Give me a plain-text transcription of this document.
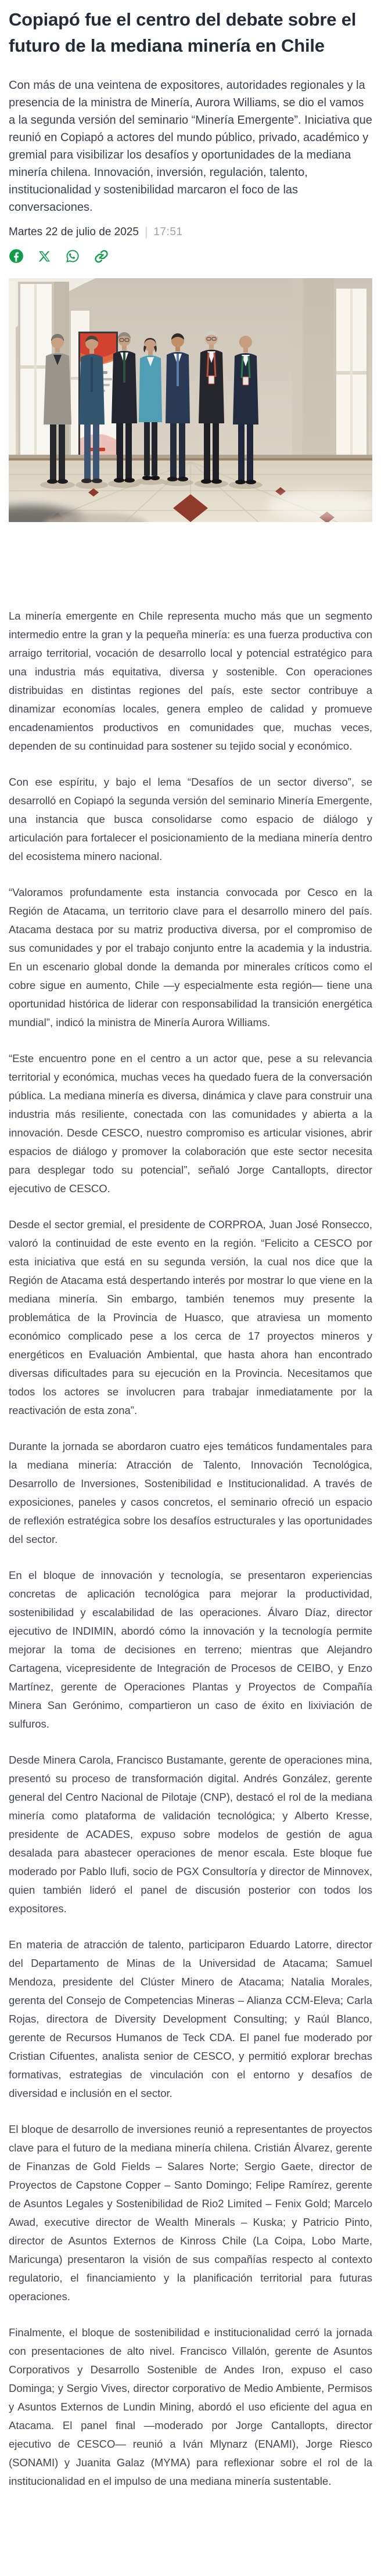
Copiapó fue el centro del debate sobre el futuro de la mediana minería en Chile

Con más de una veintena de expositores, autoridades regionales y la presencia de la ministra de Minería, Aurora Williams, se dio el vamos a la segunda versión del seminario “Minería Emergente”. Iniciativa que reunió en Copiapó a actores del mundo público, privado, académico y gremial para visibilizar los desafíos y oportunidades de la mediana minería chilena. Innovación, inversión, regulación, talento, institucionalidad y sostenibilidad marcaron el foco de las conversaciones.

Martes 22 de julio de 2025 | 17:51

La minería emergente en Chile representa mucho más que un segmento intermedio entre la gran y la pequeña minería: es una fuerza productiva con arraigo territorial, vocación de desarrollo local y potencial estratégico para una industria más equitativa, diversa y sostenible. Con operaciones distribuidas en distintas regiones del país, este sector contribuye a dinamizar economías locales, genera empleo de calidad y promueve encadenamientos productivos en comunidades que, muchas veces, dependen de su continuidad para sostener su tejido social y económico.

Con ese espíritu, y bajo el lema “Desafíos de un sector diverso”, se desarrolló en Copiapó la segunda versión del seminario Minería Emergente, una instancia que busca consolidarse como espacio de diálogo y articulación para fortalecer el posicionamiento de la mediana minería dentro del ecosistema minero nacional.

“Valoramos profundamente esta instancia convocada por Cesco en la Región de Atacama, un territorio clave para el desarrollo minero del país. Atacama destaca por su matriz productiva diversa, por el compromiso de sus comunidades y por el trabajo conjunto entre la academia y la industria. En un escenario global donde la demanda por minerales críticos como el cobre sigue en aumento, Chile —y especialmente esta región— tiene una oportunidad histórica de liderar con responsabilidad la transición energética mundial”, indicó la ministra de Minería Aurora Williams.

“Este encuentro pone en el centro a un actor que, pese a su relevancia territorial y económica, muchas veces ha quedado fuera de la conversación pública. La mediana minería es diversa, dinámica y clave para construir una industria más resiliente, conectada con las comunidades y abierta a la innovación. Desde CESCO, nuestro compromiso es articular visiones, abrir espacios de diálogo y promover la colaboración que este sector necesita para desplegar todo su potencial”, señaló Jorge Cantallopts, director ejecutivo de CESCO.

Desde el sector gremial, el presidente de CORPROA, Juan José Ronsecco, valoró la continuidad de este evento en la región. “Felicito a CESCO por esta iniciativa que está en su segunda versión, la cual nos dice que la Región de Atacama está despertando interés por mostrar lo que viene en la mediana minería. Sin embargo, también tenemos muy presente la problemática de la Provincia de Huasco, que atraviesa un momento económico complicado pese a los cerca de 17 proyectos mineros y energéticos en Evaluación Ambiental, que hasta ahora han encontrado diversas dificultades para su ejecución en la Provincia. Necesitamos que todos los actores se involucren para trabajar inmediatamente por la reactivación de esta zona”.

Durante la jornada se abordaron cuatro ejes temáticos fundamentales para la mediana minería: Atracción de Talento, Innovación Tecnológica, Desarrollo de Inversiones, Sostenibilidad e Institucionalidad. A través de exposiciones, paneles y casos concretos, el seminario ofreció un espacio de reflexión estratégica sobre los desafíos estructurales y las oportunidades del sector.

En el bloque de innovación y tecnología, se presentaron experiencias concretas de aplicación tecnológica para mejorar la productividad, sostenibilidad y escalabilidad de las operaciones. Álvaro Díaz, director ejecutivo de INDIMIN, abordó cómo la innovación y la tecnología permite mejorar la toma de decisiones en terreno; mientras que Alejandro Cartagena, vicepresidente de Integración de Procesos de CEIBO, y Enzo Martínez, gerente de Operaciones Plantas y Proyectos de Compañía Minera San Gerónimo, compartieron un caso de éxito en lixiviación de sulfuros.

Desde Minera Carola, Francisco Bustamante, gerente de operaciones mina, presentó su proceso de transformación digital. Andrés González, gerente general del Centro Nacional de Pilotaje (CNP), destacó el rol de la mediana minería como plataforma de validación tecnológica; y Alberto Kresse, presidente de ACADES, expuso sobre modelos de gestión de agua desalada para abastecer operaciones de menor escala. Este bloque fue moderado por Pablo Ilufi, socio de PGX Consultoría y director de Minnovex, quien también lideró el panel de discusión posterior con todos los expositores.

En materia de atracción de talento, participaron Eduardo Latorre, director del Departamento de Minas de la Universidad de Atacama; Samuel Mendoza, presidente del Clúster Minero de Atacama; Natalia Morales, gerenta del Consejo de Competencias Mineras – Alianza CCM-Eleva; Carla Rojas, directora de Diversity Development Consulting; y Raúl Blanco, gerente de Recursos Humanos de Teck CDA. El panel fue moderado por Cristian Cifuentes, analista senior de CESCO, y permitió explorar brechas formativas, estrategias de vinculación con el entorno y desafíos de diversidad e inclusión en el sector.

El bloque de desarrollo de inversiones reunió a representantes de proyectos clave para el futuro de la mediana minería chilena. Cristián Álvarez, gerente de Finanzas de Gold Fields – Salares Norte; Sergio Gaete, director de Proyectos de Capstone Copper – Santo Domingo; Felipe Ramírez, gerente de Asuntos Legales y Sostenibilidad de Rio2 Limited – Fenix Gold; Marcelo Awad, executive director de Wealth Minerals – Kuska; y Patricio Pinto, director de Asuntos Externos de Kinross Chile (La Coipa, Lobo Marte, Maricunga) presentaron la visión de sus compañías respecto al contexto regulatorio, el financiamiento y la planificación territorial para futuras operaciones.

Finalmente, el bloque de sostenibilidad e institucionalidad cerró la jornada con presentaciones de alto nivel. Francisco Villalón, gerente de Asuntos Corporativos y Desarrollo Sostenible de Andes Iron, expuso el caso Dominga; y Sergio Vives, director corporativo de Medio Ambiente, Permisos y Asuntos Externos de Lundin Mining, abordó el uso eficiente del agua en Atacama. El panel final —moderado por Jorge Cantallopts, director ejecutivo de CESCO— reunió a Iván Mlynarz (ENAMI), Jorge Riesco (SONAMI) y Juanita Galaz (MYMA) para reflexionar sobre el rol de la institucionalidad en el impulso de una mediana minería sustentable.
